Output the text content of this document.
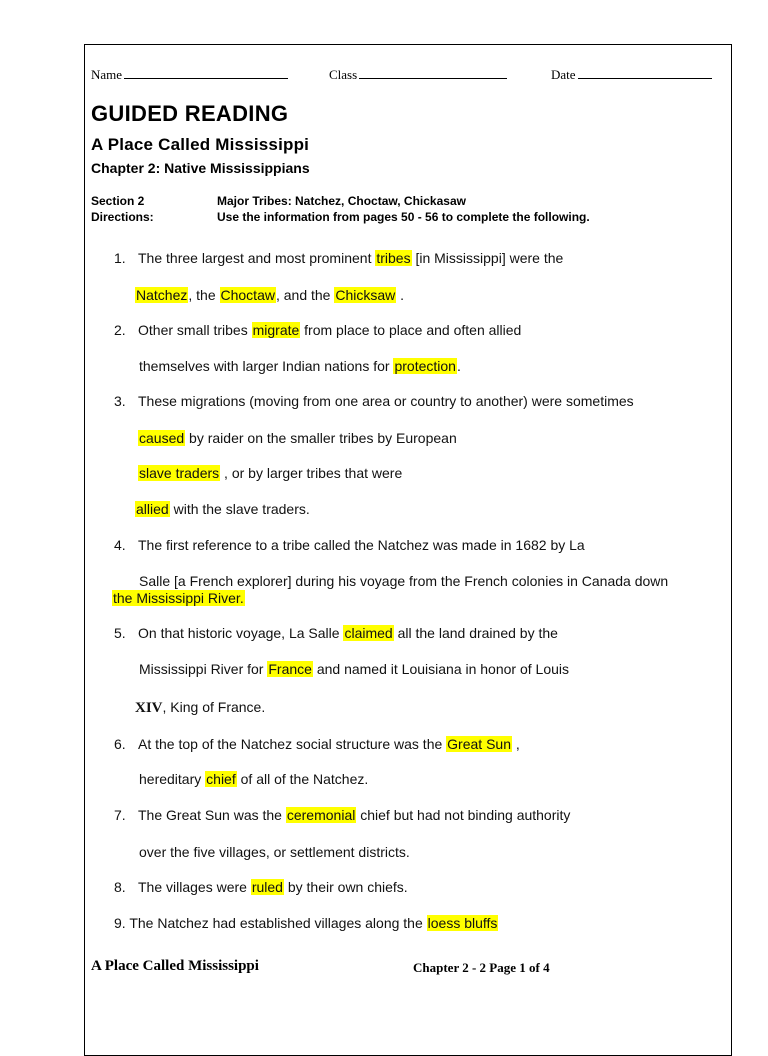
Name	Class	Date
GUIDED READING
A Place Called Mississippi
Chapter 2: Native Mississippians
Section 2	Major Tribes: Natchez, Choctaw, Chickasaw
Directions:	Use the information from pages 50 - 56 to complete the following.
1. The three largest and most prominent tribes [in Mississippi] were the
Natchez, the Choctaw, and the Chicksaw .
2. Other small tribes migrate from place to place and often allied
themselves with larger Indian nations for protection.
3. These migrations (moving from one area or country to another) were sometimes
caused by raider on the smaller tribes by European
slave traders , or by larger tribes that were
allied with the slave traders.
4. The first reference to a tribe called the Natchez was made in 1682 by La
Salle [a French explorer] during his voyage from the French colonies in Canada down
the Mississippi River.
5. On that historic voyage, La Salle claimed all the land drained by the
Mississippi River for France and named it Louisiana in honor of Louis
XIV, King of France.
6. At the top of the Natchez social structure was the Great Sun ,
hereditary chief of all of the Natchez.
7. The Great Sun was the ceremonial chief but had not binding authority
over the five villages, or settlement districts.
8. The villages were ruled by their own chiefs.
9. The Natchez had established villages along the loess bluffs
A Place Called Mississippi	Chapter 2 - 2 Page 1 of 4
